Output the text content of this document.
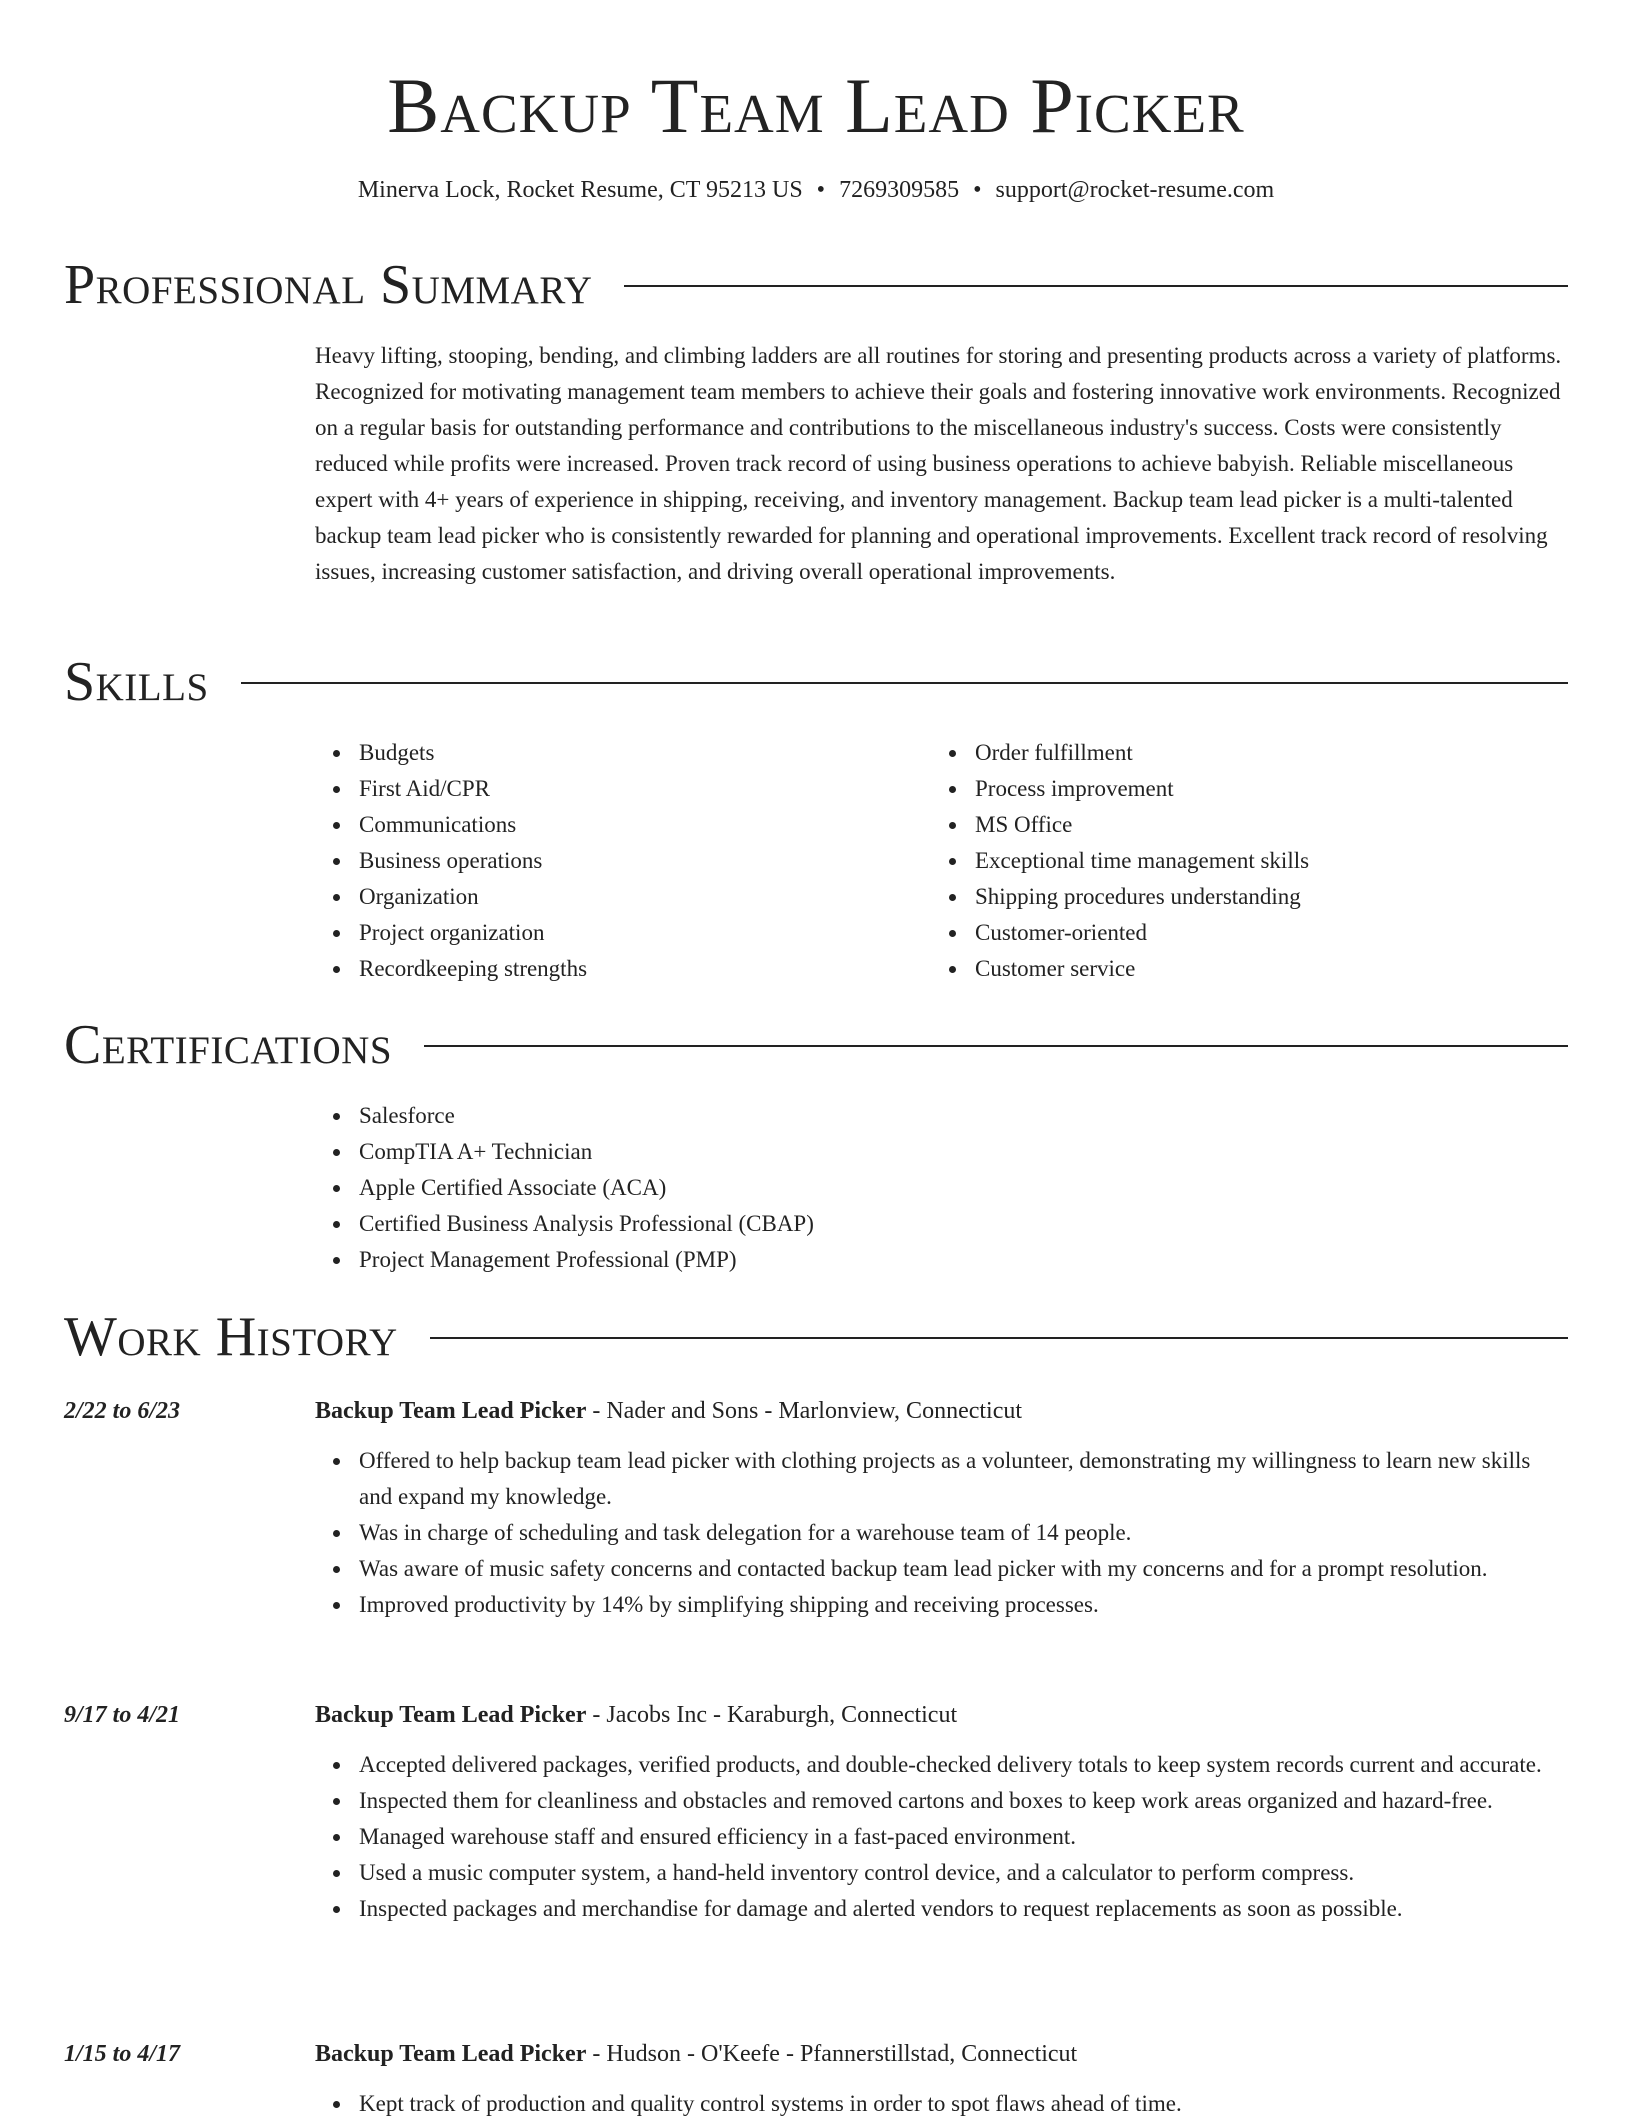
Backup Team Lead Picker
Minerva Lock, Rocket Resume, CT 95213 US • 7269309585 • support@rocket-resume.com
Professional Summary

Heavy lifting, stooping, bending, and climbing ladders are all routines for storing and presenting products across a variety of platforms. Recognized for motivating management team members to achieve their goals and fostering innovative work environments. Recognized on a regular basis for outstanding performance and contributions to the miscellaneous industry's success. Costs were consistently reduced while profits were increased. Proven track record of using business operations to achieve babyish. Reliable miscellaneous expert with 4+ years of experience in shipping, receiving, and inventory management. Backup team lead picker is a multi-talented backup team lead picker who is consistently rewarded for planning and operational improvements. Excellent track record of resolving issues, increasing customer satisfaction, and driving overall operational improvements.

Skills
Budgets
First Aid/CPR
Communications
Business operations
Organization
Project organization
Recordkeeping strengths
Order fulfillment
Process improvement
MS Office
Exceptional time management skills
Shipping procedures understanding
Customer-oriented
Customer service
Certifications
Salesforce
CompTIA A+ Technician
Apple Certified Associate (ACA)
Certified Business Analysis Professional (CBAP)
Project Management Professional (PMP)
Work History
2/22 to 6/23	Backup Team Lead Picker - Nader and Sons - Marlonview, Connecticut
Offered to help backup team lead picker with clothing projects as a volunteer, demonstrating my willingness to learn new skills and expand my knowledge.
Was in charge of scheduling and task delegation for a warehouse team of 14 people.
Was aware of music safety concerns and contacted backup team lead picker with my concerns and for a prompt resolution.
Improved productivity by 14% by simplifying shipping and receiving processes.
9/17 to 4/21	Backup Team Lead Picker - Jacobs Inc - Karaburgh, Connecticut
Accepted delivered packages, verified products, and double-checked delivery totals to keep system records current and accurate.
Inspected them for cleanliness and obstacles and removed cartons and boxes to keep work areas organized and hazard-free.
Managed warehouse staff and ensured efficiency in a fast-paced environment.
Used a music computer system, a hand-held inventory control device, and a calculator to perform compress.
Inspected packages and merchandise for damage and alerted vendors to request replacements as soon as possible.
1/15 to 4/17	Backup Team Lead Picker - Hudson - O'Keefe - Pfannerstillstad, Connecticut
Kept track of production and quality control systems in order to spot flaws ahead of time.
